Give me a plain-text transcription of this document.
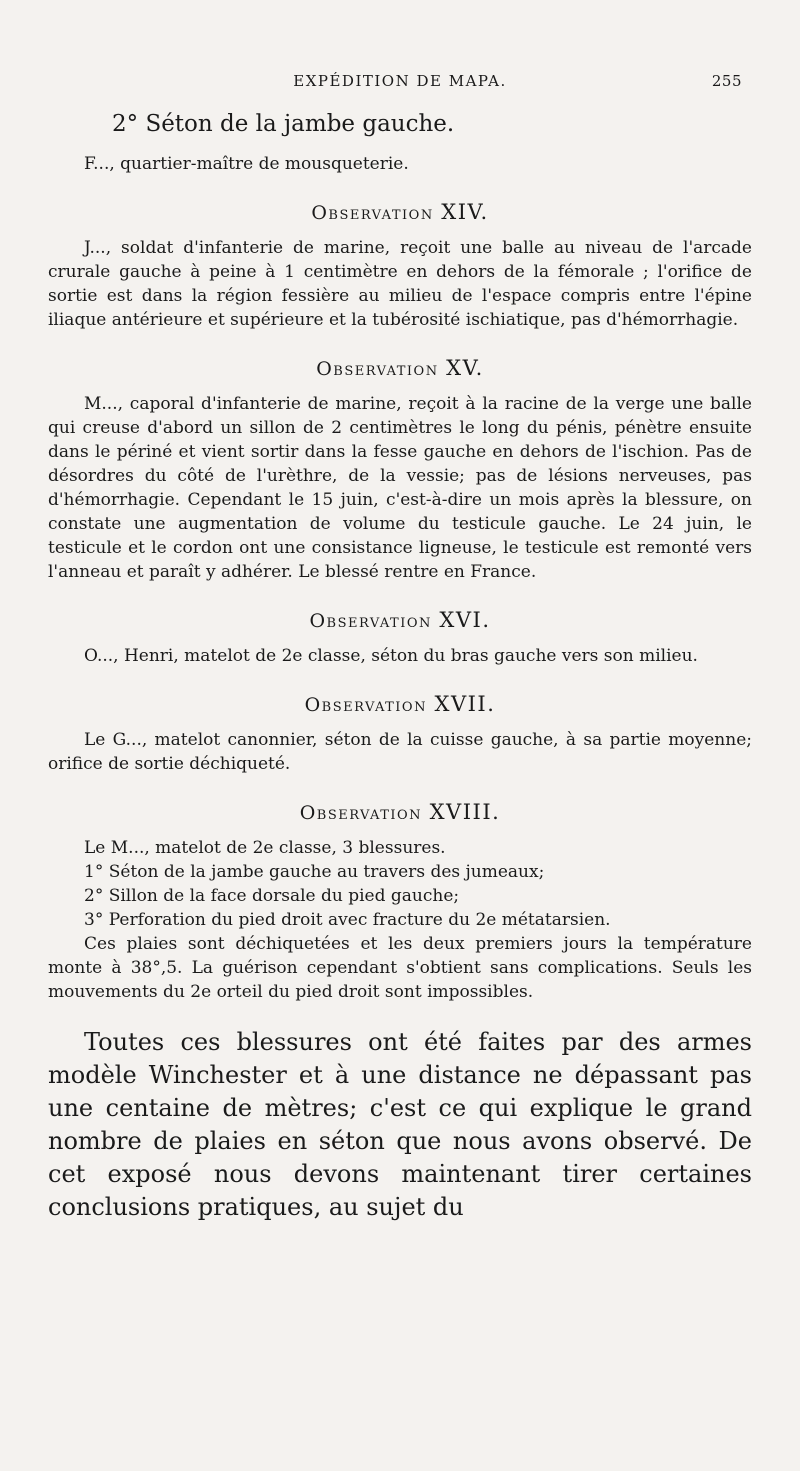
EXPÉDITION DE MAPA.	255
2° Séton de la jambe gauche.

F..., quartier-maître de mousqueterie.

Observation XIV.

J..., soldat d'infanterie de marine, reçoit une balle au niveau de l'arcade crurale gauche à peine à 1 centimètre en dehors de la fémorale ; l'orifice de sortie est dans la région fessière au milieu de l'espace compris entre l'épine iliaque antérieure et supérieure et la tubérosité ischiatique, pas d'hémorrhagie.

Observation XV.

M..., caporal d'infanterie de marine, reçoit à la racine de la verge une balle qui creuse d'abord un sillon de 2 centimètres le long du pénis, pénètre ensuite dans le périné et vient sortir dans la fesse gauche en dehors de l'ischion. Pas de désordres du côté de l'urèthre, de la vessie; pas de lésions nerveuses, pas d'hémorrhagie. Cependant le 15 juin, c'est-à-dire un mois après la blessure, on constate une augmentation de volume du testicule gauche. Le 24 juin, le testicule et le cordon ont une consistance ligneuse, le testicule est remonté vers l'anneau et paraît y adhérer. Le blessé rentre en France.

Observation XVI.

O..., Henri, matelot de 2e classe, séton du bras gauche vers son milieu.

Observation XVII.

Le G..., matelot canonnier, séton de la cuisse gauche, à sa partie moyenne; orifice de sortie déchiqueté.

Observation XVIII.

Le M..., matelot de 2e classe, 3 blessures.

1° Séton de la jambe gauche au travers des jumeaux;

2° Sillon de la face dorsale du pied gauche;

3° Perforation du pied droit avec fracture du 2e métatarsien.

Ces plaies sont déchiquetées et les deux premiers jours la température monte à 38°,5. La guérison cependant s'obtient sans complications. Seuls les mouvements du 2e orteil du pied droit sont impossibles.

Toutes ces blessures ont été faites par des armes modèle Winchester et à une distance ne dépassant pas une centaine de mètres; c'est ce qui explique le grand nombre de plaies en séton que nous avons observé. De cet exposé nous devons maintenant tirer certaines conclusions pratiques, au sujet du
